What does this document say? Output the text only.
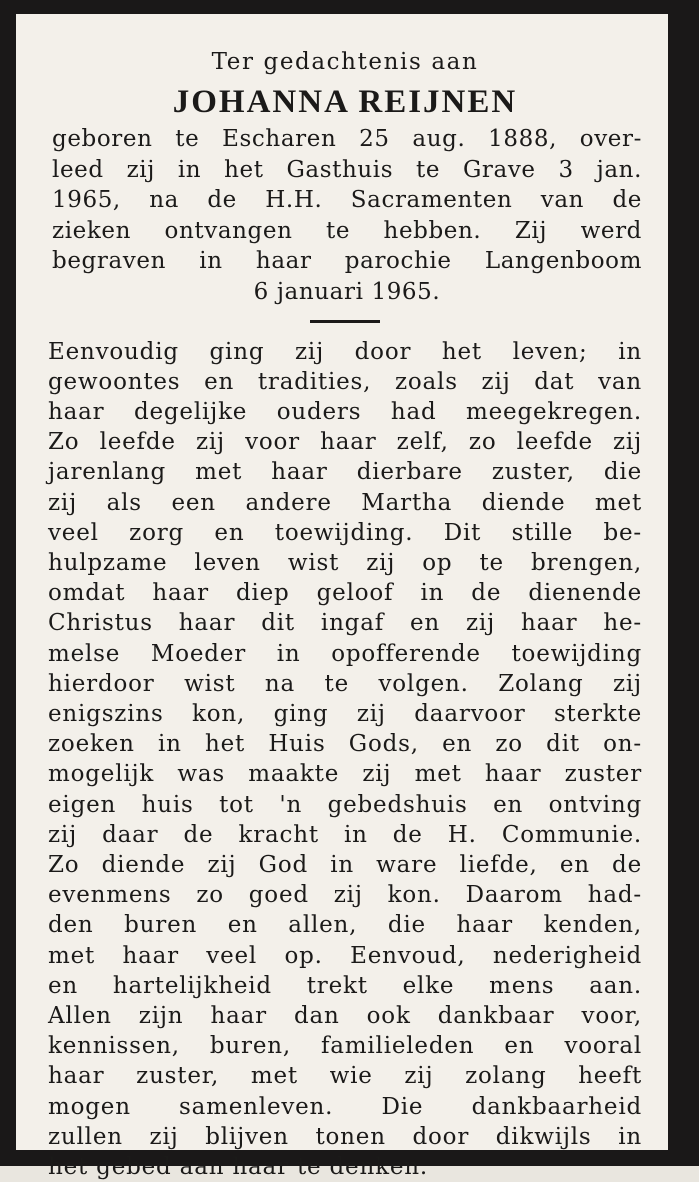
Ter gedachtenis aan

JOHANNA REIJNEN

geboren te Escharen 25 aug. 1888, over-
leed zij in het Gasthuis te Grave 3 jan.
1965, na de H.H. Sacramenten van de
zieken ontvangen te hebben. Zij werd
begraven in haar parochie Langenboom
6 januari 1965.
Eenvoudig ging zij door het leven; in
gewoontes en tradities, zoals zij dat van
haar degelijke ouders had meegekregen.
Zo leefde zij voor haar zelf, zo leefde zij
jarenlang met haar dierbare zuster, die
zij als een andere Martha diende met
veel zorg en toewijding. Dit stille be-
hulpzame leven wist zij op te brengen,
omdat haar diep geloof in de dienende
Christus haar dit ingaf en zij haar he-
melse Moeder in opofferende toewijding
hierdoor wist na te volgen. Zolang zij
enigszins kon, ging zij daarvoor sterkte
zoeken in het Huis Gods, en zo dit on-
mogelijk was maakte zij met haar zuster
eigen huis tot 'n gebedshuis en ontving
zij daar de kracht in de H. Communie.
Zo diende zij God in ware liefde, en de
evenmens zo goed zij kon. Daarom had-
den buren en allen, die haar kenden,
met haar veel op. Eenvoud, nederigheid
en hartelijkheid trekt elke mens aan.
Allen zijn haar dan ook dankbaar voor,
kennissen, buren, familieleden en vooral
haar zuster, met wie zij zolang heeft
mogen samenleven. Die dankbaarheid
zullen zij blijven tonen door dikwijls in
het gebed aan haar te denken.
